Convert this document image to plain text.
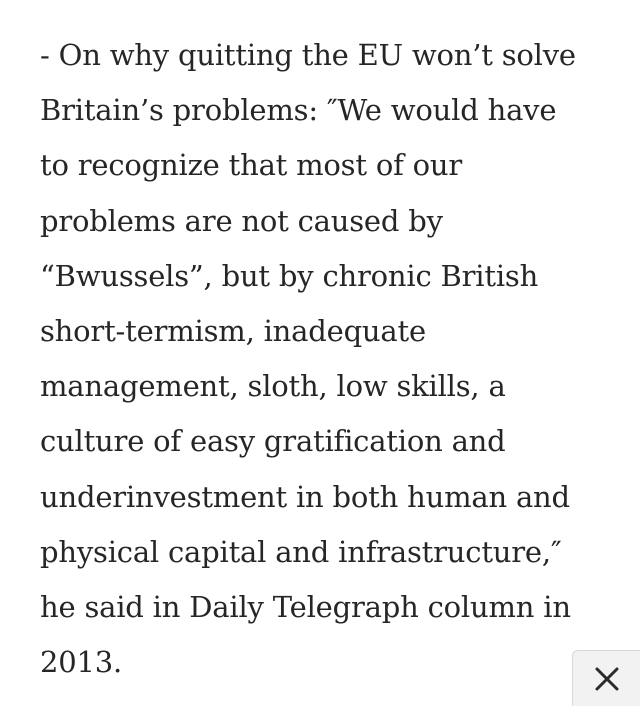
- On why quitting the EU won’t solve
Britain’s problems: ″We would have
to recognize that most of our
problems are not caused by
“Bwussels”, but by chronic British
short-termism, inadequate
management, sloth, low skills, a
culture of easy gratification and
underinvestment in both human and
physical capital and infrastructure,″
he said in Daily Telegraph column in
2013.
